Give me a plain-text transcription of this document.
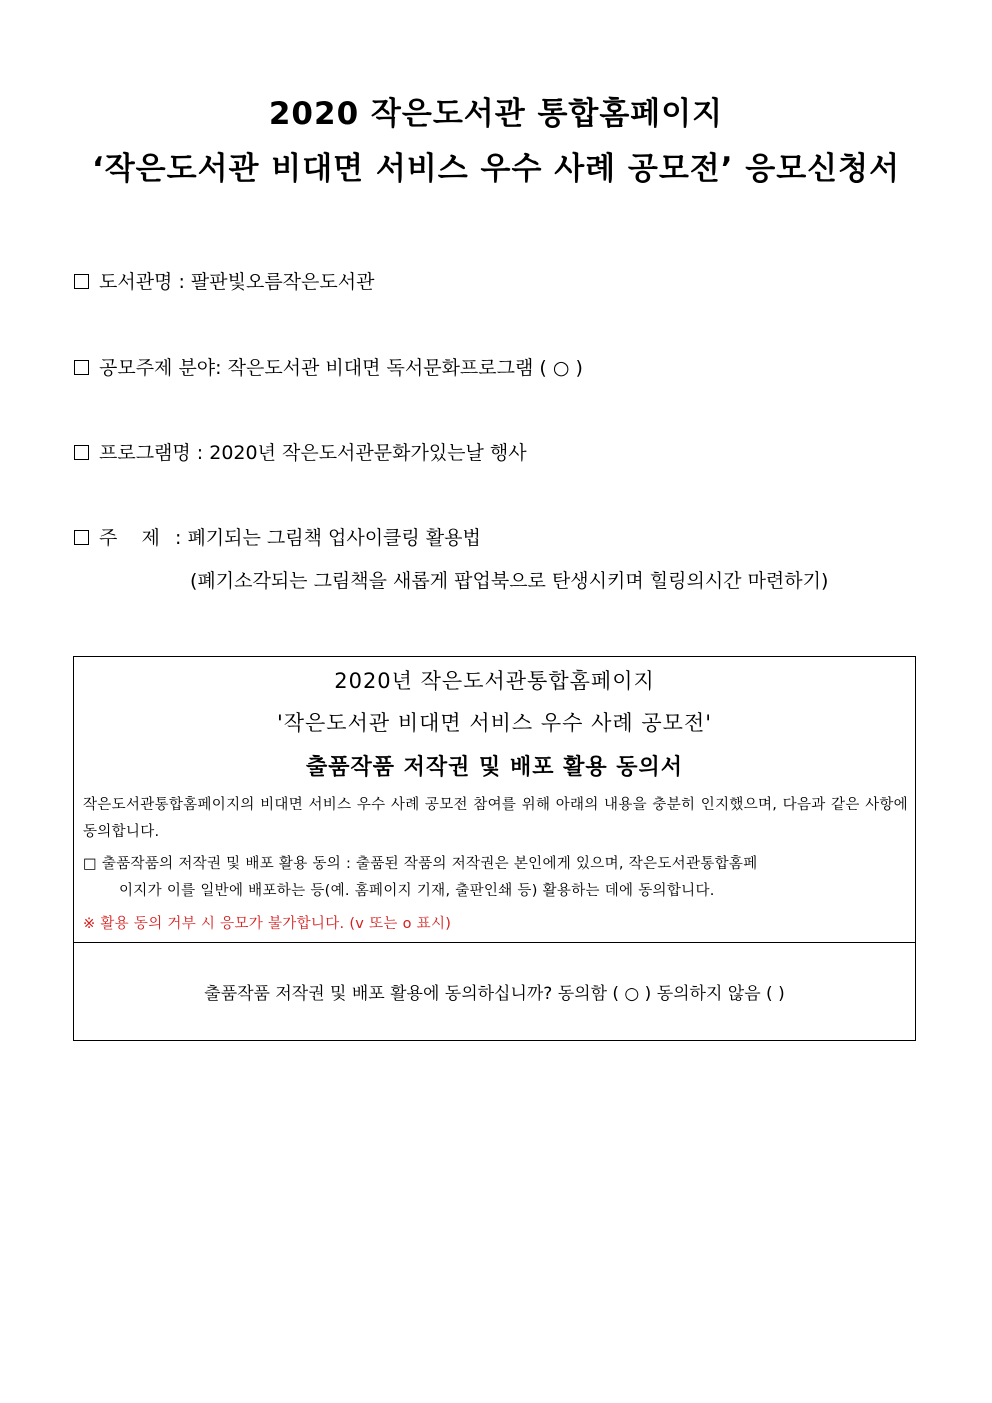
2020 작은도서관 통합홈페이지
‘작은도서관 비대면 서비스 우수 사례 공모전’ 응모신청서
도서관명 : 팔판빛오름작은도서관
공모주제 분야: 작은도서관 비대면 독서문화프로그램 ( ○ )
프로그램명 : 2020년 작은도서관문화가있는날 행사
주    제 : 폐기되는 그림책 업사이클링 활용법
(폐기소각되는 그림책을 새롭게 팝업북으로 탄생시키며 힐링의시간 마련하기)
2020년 작은도서관통합홈페이지
'작은도서관 비대면 서비스 우수 사례 공모전'
출품작품 저작권 및 배포 활용 동의서
작은도서관통합홈페이지의 비대면 서비스 우수 사례 공모전 참여를 위해 아래의 내용을 충분히 인지했으며, 다음과 같은 사항에 동의합니다.
□ 출품작품의 저작권 및 배포 활용 동의 : 출품된 작품의 저작권은 본인에게 있으며, 작은도서관통합홈페
이지가 이를 일반에 배포하는 등(예. 홈페이지 기재, 출판인쇄 등) 활용하는 데에 동의합니다.
※ 활용 동의 거부 시 응모가 불가합니다. (v 또는 o 표시)
출품작품 저작권 및 배포 활용에 동의하십니까? 동의함 ( ○ ) 동의하지 않음 ( )
